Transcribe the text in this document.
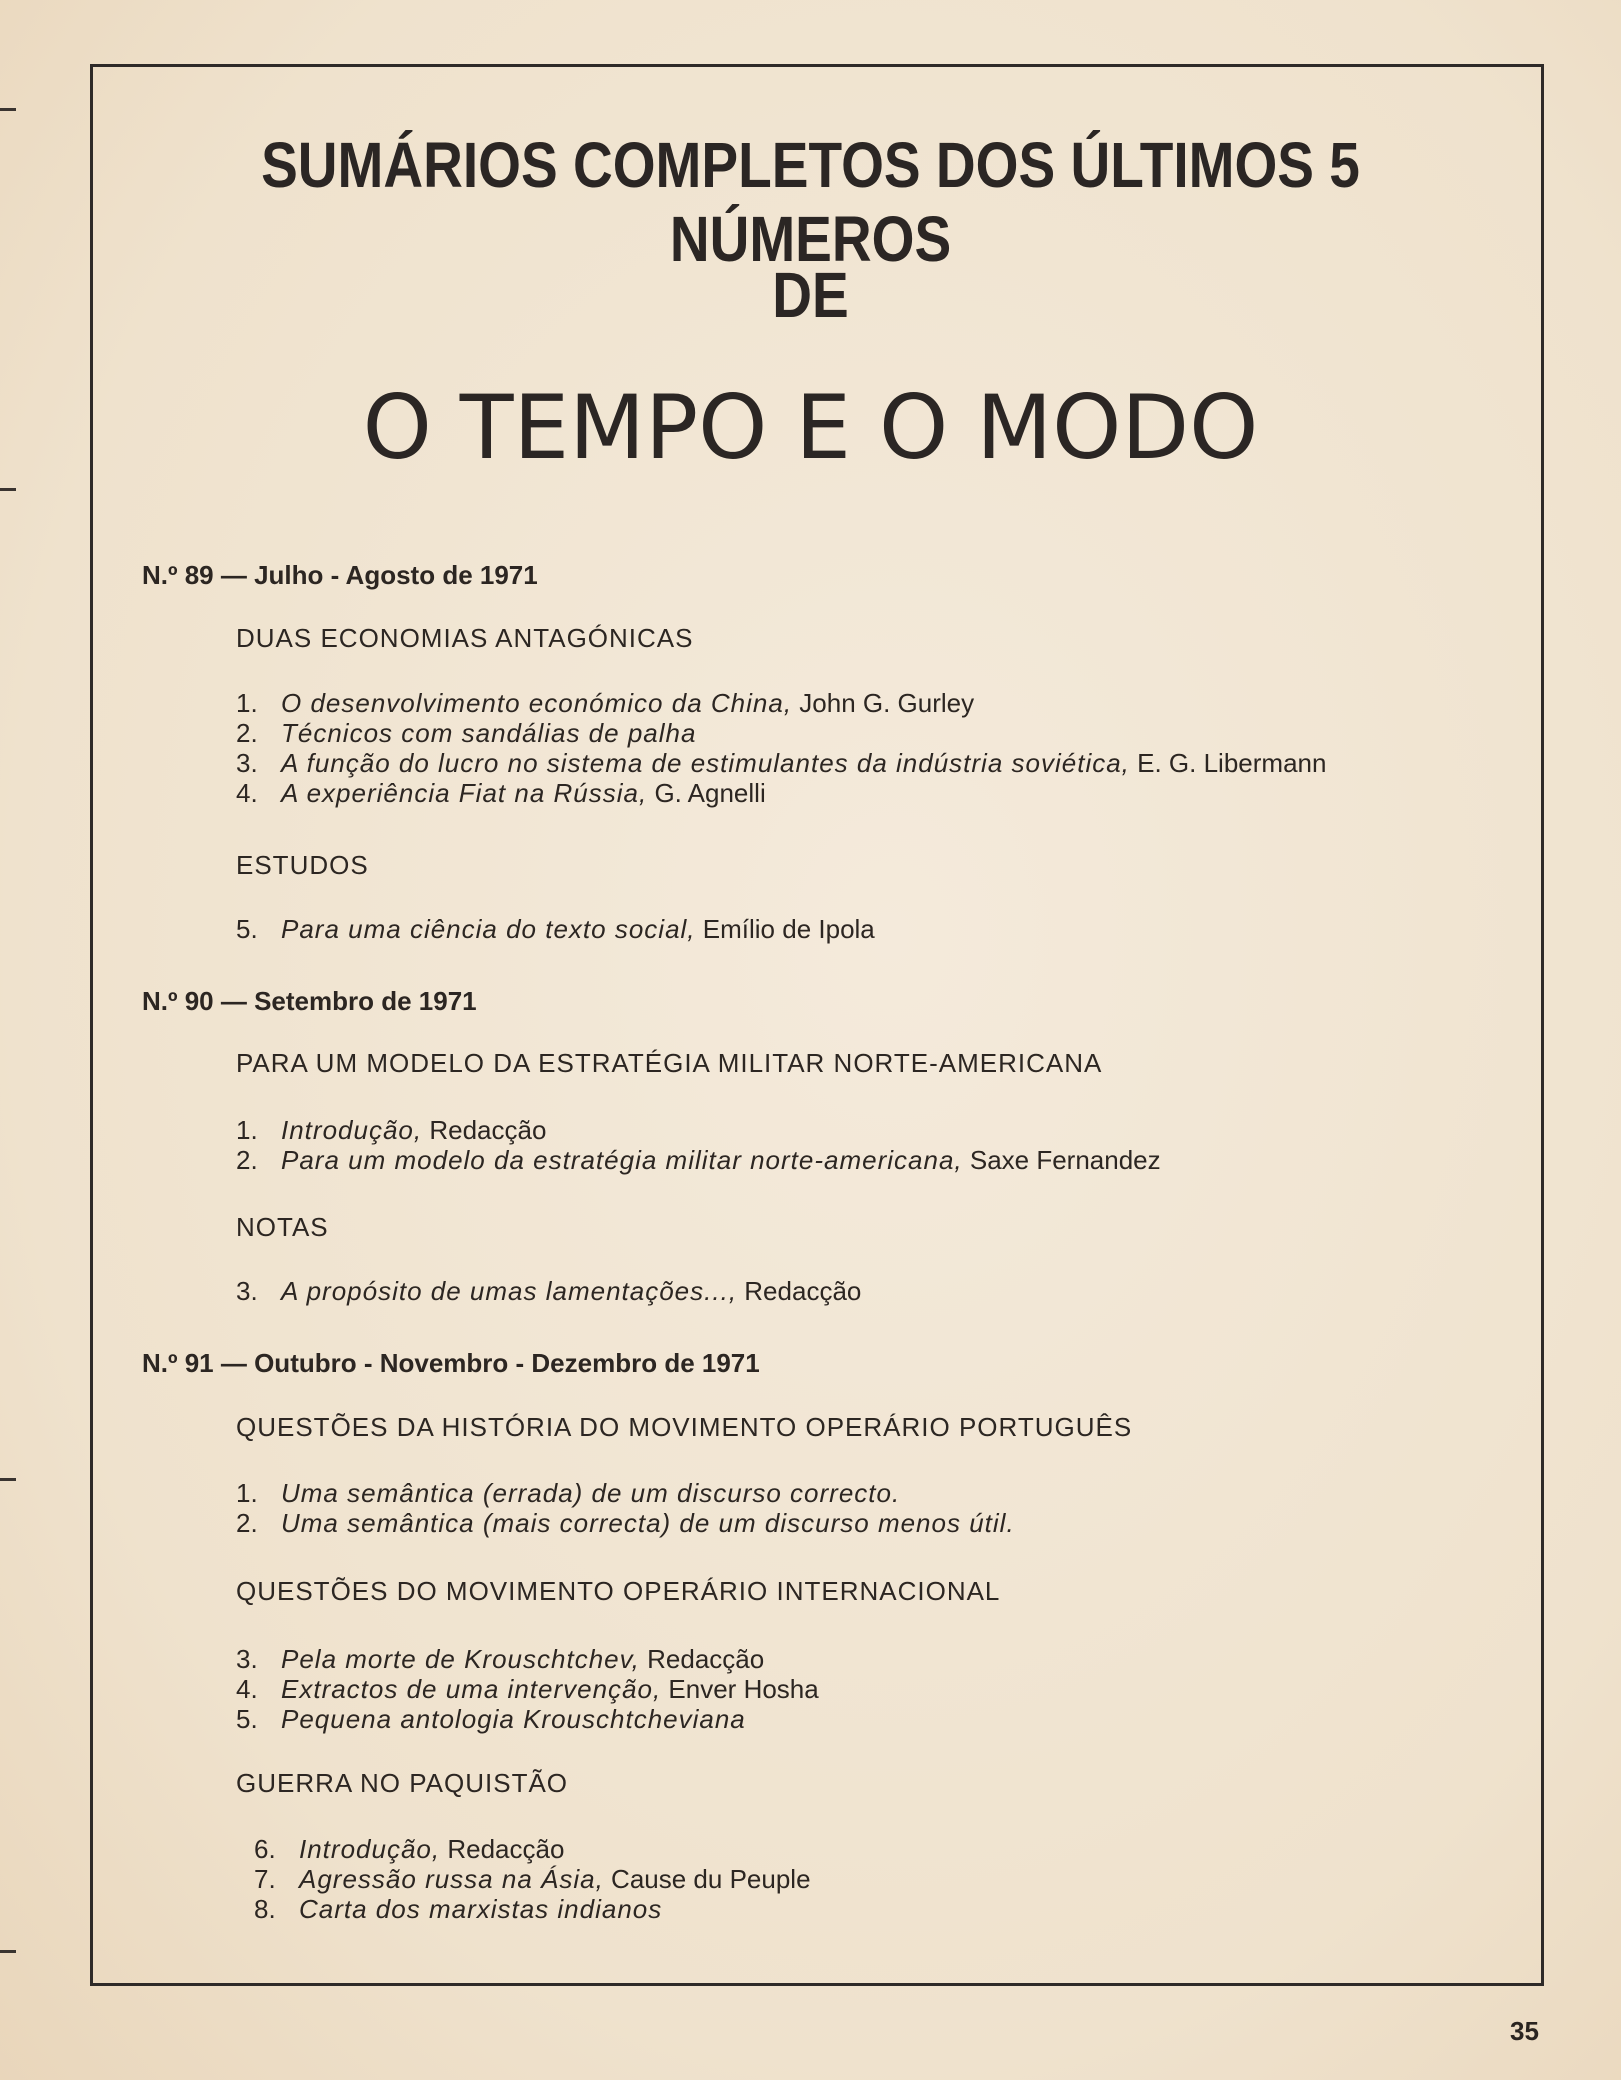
SUMÁRIOS COMPLETOS DOS ÚLTIMOS 5 NÚMEROS
DE
O TEMPO E O MODO
N.º 89 — Julho - Agosto de 1971
DUAS ECONOMIAS ANTAGÓNICAS
1. O desenvolvimento económico da China, John G. Gurley
2. Técnicos com sandálias de palha
3. A função do lucro no sistema de estimulantes da indústria soviética, E. G. Libermann
4. A experiência Fiat na Rússia, G. Agnelli
ESTUDOS
5. Para uma ciência do texto social, Emílio de Ipola
N.º 90 — Setembro de 1971
PARA UM MODELO DA ESTRATÉGIA MILITAR NORTE-AMERICANA
1. Introdução, Redacção
2. Para um modelo da estratégia militar norte-americana, Saxe Fernandez
NOTAS
3. A propósito de umas lamentações..., Redacção
N.º 91 — Outubro - Novembro - Dezembro de 1971
QUESTÕES DA HISTÓRIA DO MOVIMENTO OPERÁRIO PORTUGUÊS
1. Uma semântica (errada) de um discurso correcto.
2. Uma semântica (mais correcta) de um discurso menos útil.
QUESTÕES DO MOVIMENTO OPERÁRIO INTERNACIONAL
3. Pela morte de Krouschtchev, Redacção
4. Extractos de uma intervenção, Enver Hosha
5. Pequena antologia Krouschtcheviana
GUERRA NO PAQUISTÃO
6. Introdução, Redacção
7. Agressão russa na Ásia, Cause du Peuple
8. Carta dos marxistas indianos
35
